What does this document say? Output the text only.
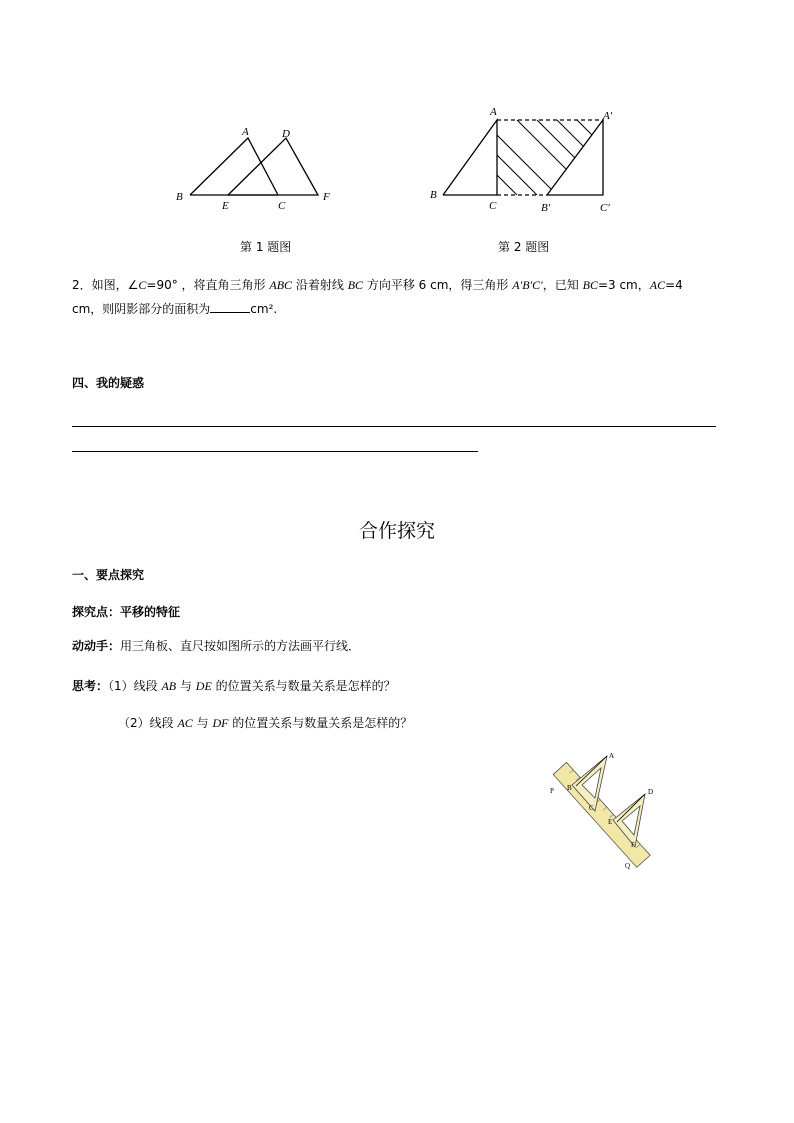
A	D
B
E	C
F
第 1 题图
A	A′
B
C	B′	C′
第 2 题图
2．如图，∠C=90° ，将直角三角形 ABC 沿着射线 BC 方向平移 6 cm，得三角形 A′B′C′，已知 BC=3 cm，AC=4
cm，则阴影部分的面积为	cm².
四、我的疑惑
合作探究
一、要点探究
探究点：平移的特征
动动手：用三角板、直尺按如图所示的方法画平行线．
思考：（1）线段 AB 与 DE 的位置关系与数量关系是怎样的？
（2）线段 AC 与 DF 的位置关系与数量关系是怎样的？
A
B
C
D
E
F
P
Q
